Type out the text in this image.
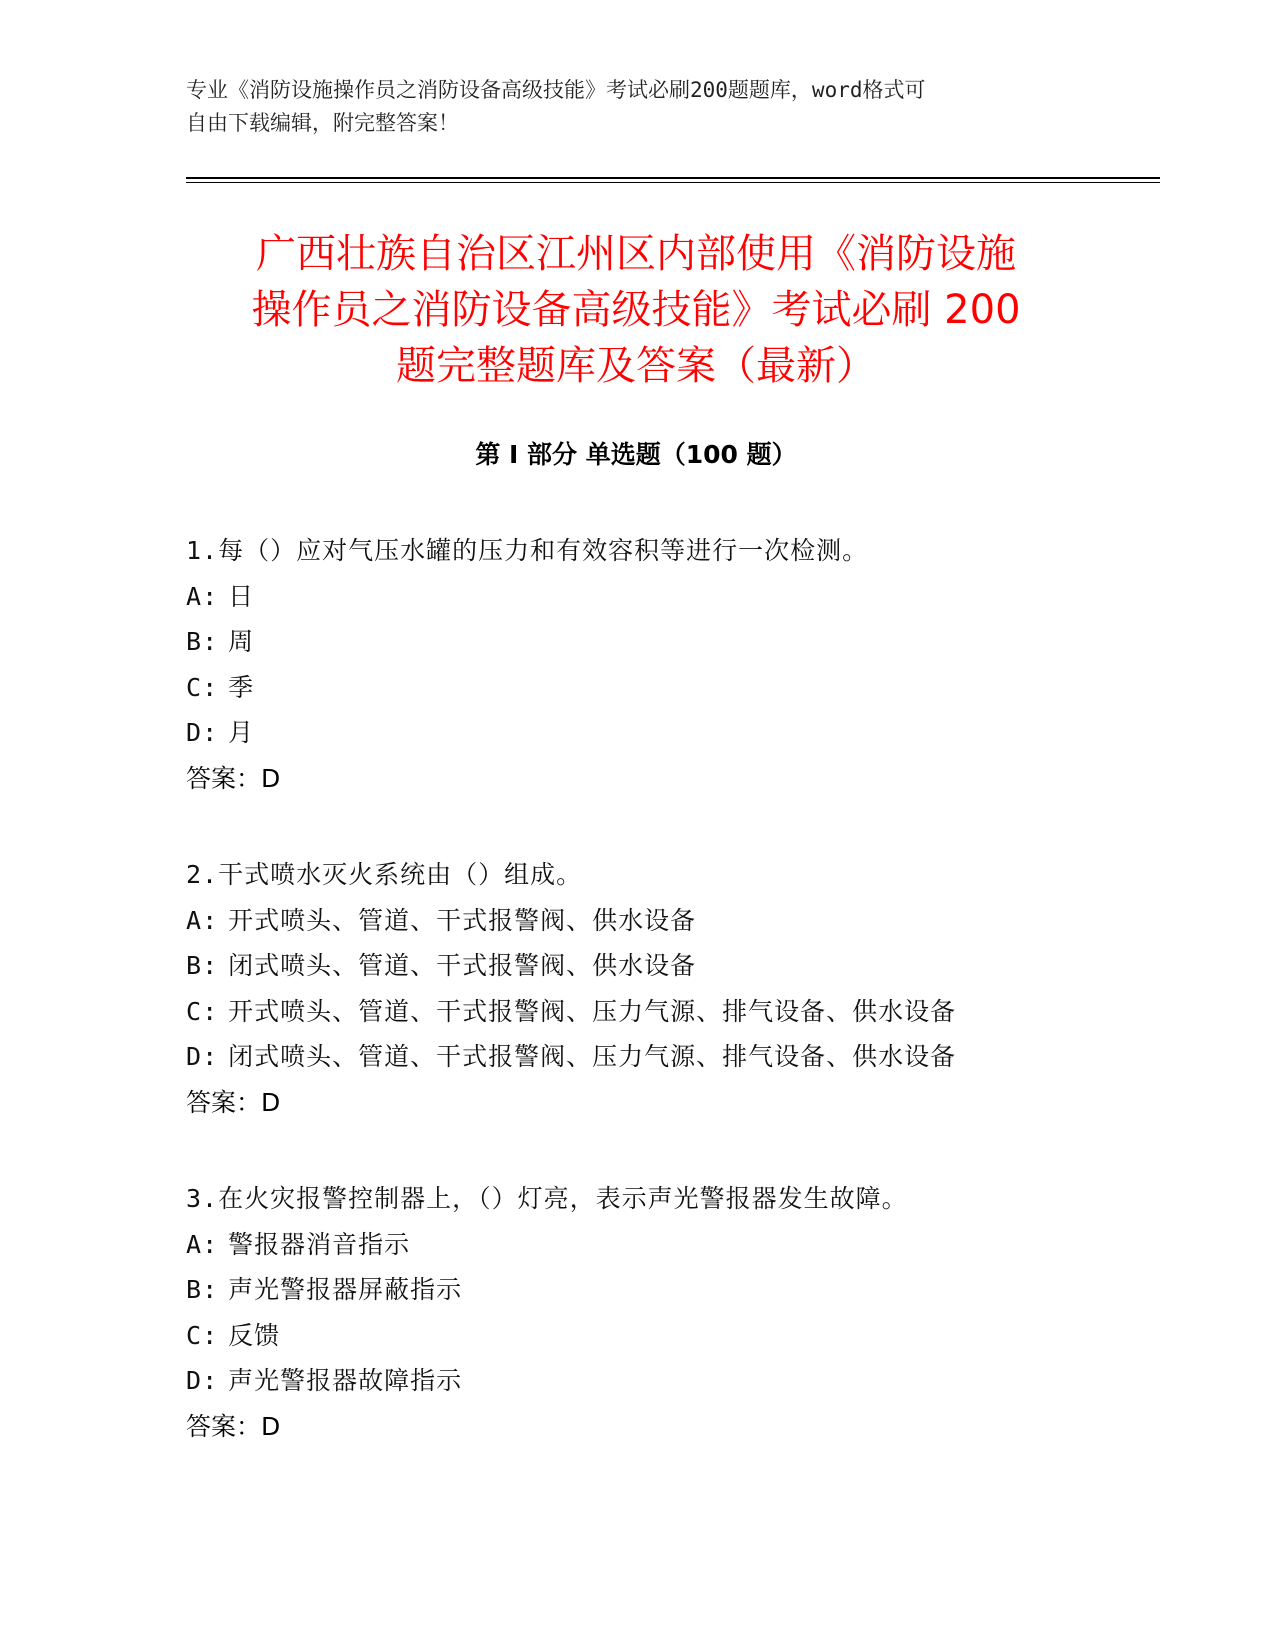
专业《消防设施操作员之消防设备高级技能》考试必刷200题题库，word格式可
自由下载编辑，附完整答案！
广西壮族自治区江州区内部使用《消防设施
操作员之消防设备高级技能》考试必刷 200
题完整题库及答案（最新）
第 I 部分 单选题（100 题）
1.每（）应对气压水罐的压力和有效容积等进行一次检测。
A: 日
B: 周
C: 季
D: 月
答案：D
2.干式喷水灭火系统由（）组成。
A: 开式喷头、管道、干式报警阀、供水设备
B: 闭式喷头、管道、干式报警阀、供水设备
C: 开式喷头、管道、干式报警阀、压力气源、排气设备、供水设备
D: 闭式喷头、管道、干式报警阀、压力气源、排气设备、供水设备
答案：D
3.在火灾报警控制器上，（）灯亮，表示声光警报器发生故障。
A: 警报器消音指示
B: 声光警报器屏蔽指示
C: 反馈
D: 声光警报器故障指示
答案：D
